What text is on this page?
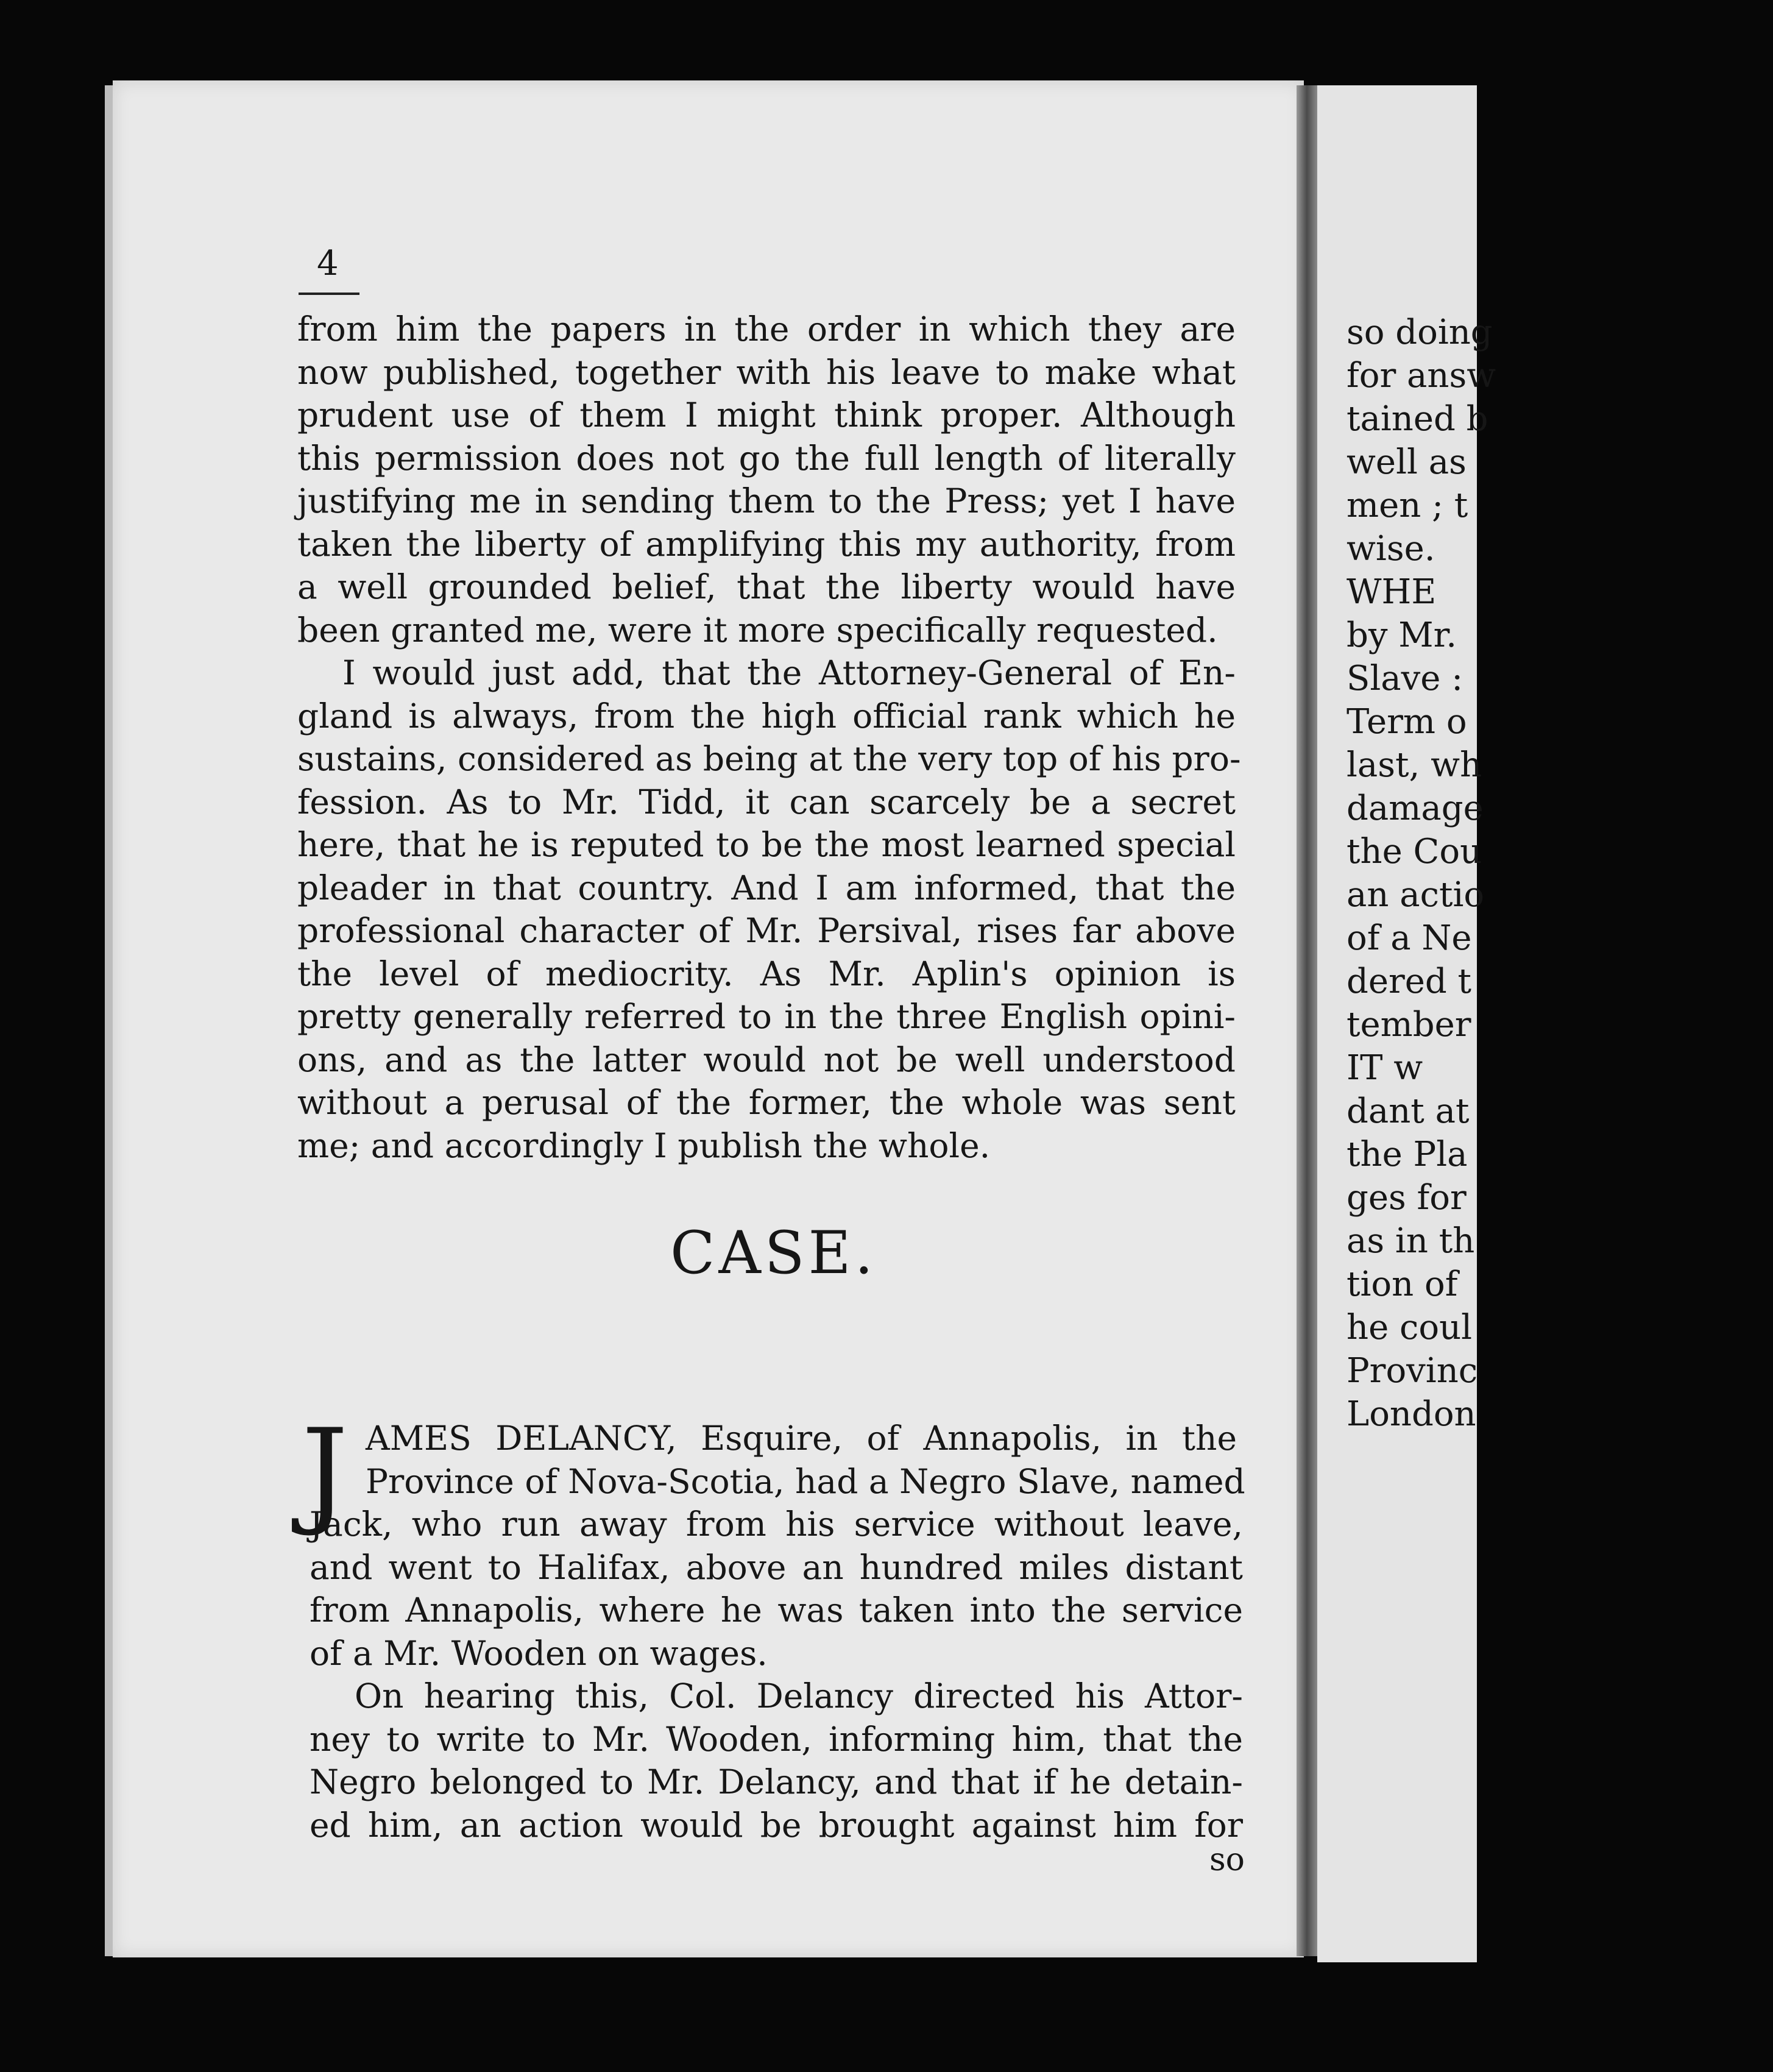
so doing
for answ
tained b
well as
men ; t
wise.
WHE
by Mr.
Slave :
Term o
last, wh
damage
the Cou
an actio
of a Ne
dered t
tember
IT w
dant at
the Pla
ges for
as in th
tion of
he coul
Provinc
London
4
from him the papers in the order in which they are
now published, together with his leave to make what
prudent use of them I might think proper. Although
this permission does not go the full length of literally
justifying me in sending them to the Press; yet I have
taken the liberty of amplifying this my authority, from
a well grounded belief, that the liberty would have
been granted me, were it more specifically requested.
I would just add, that the Attorney-General of En-
gland is always, from the high official rank which he
sustains, considered as being at the very top of his pro-
fession. As to Mr. Tidd, it can scarcely be a secret
here, that he is reputed to be the most learned special
pleader in that country. And I am informed, that the
professional character of Mr. Persival, rises far above
the level of mediocrity. As Mr. Aplin's opinion is
pretty generally referred to in the three English opini-
ons, and as the latter would not be well understood
without a perusal of the former, the whole was sent
me; and accordingly I publish the whole.
CASE.
J AMES DELANCY, Esquire, of Annapolis, in the
Province of Nova-Scotia, had a Negro Slave, named
Jack, who run away from his service without leave,
and went to Halifax, above an hundred miles distant
from Annapolis, where he was taken into the service
of a Mr. Wooden on wages.
On hearing this, Col. Delancy directed his Attor-
ney to write to Mr. Wooden, informing him, that the
Negro belonged to Mr. Delancy, and that if he detain-
ed him, an action would be brought against him for
so
